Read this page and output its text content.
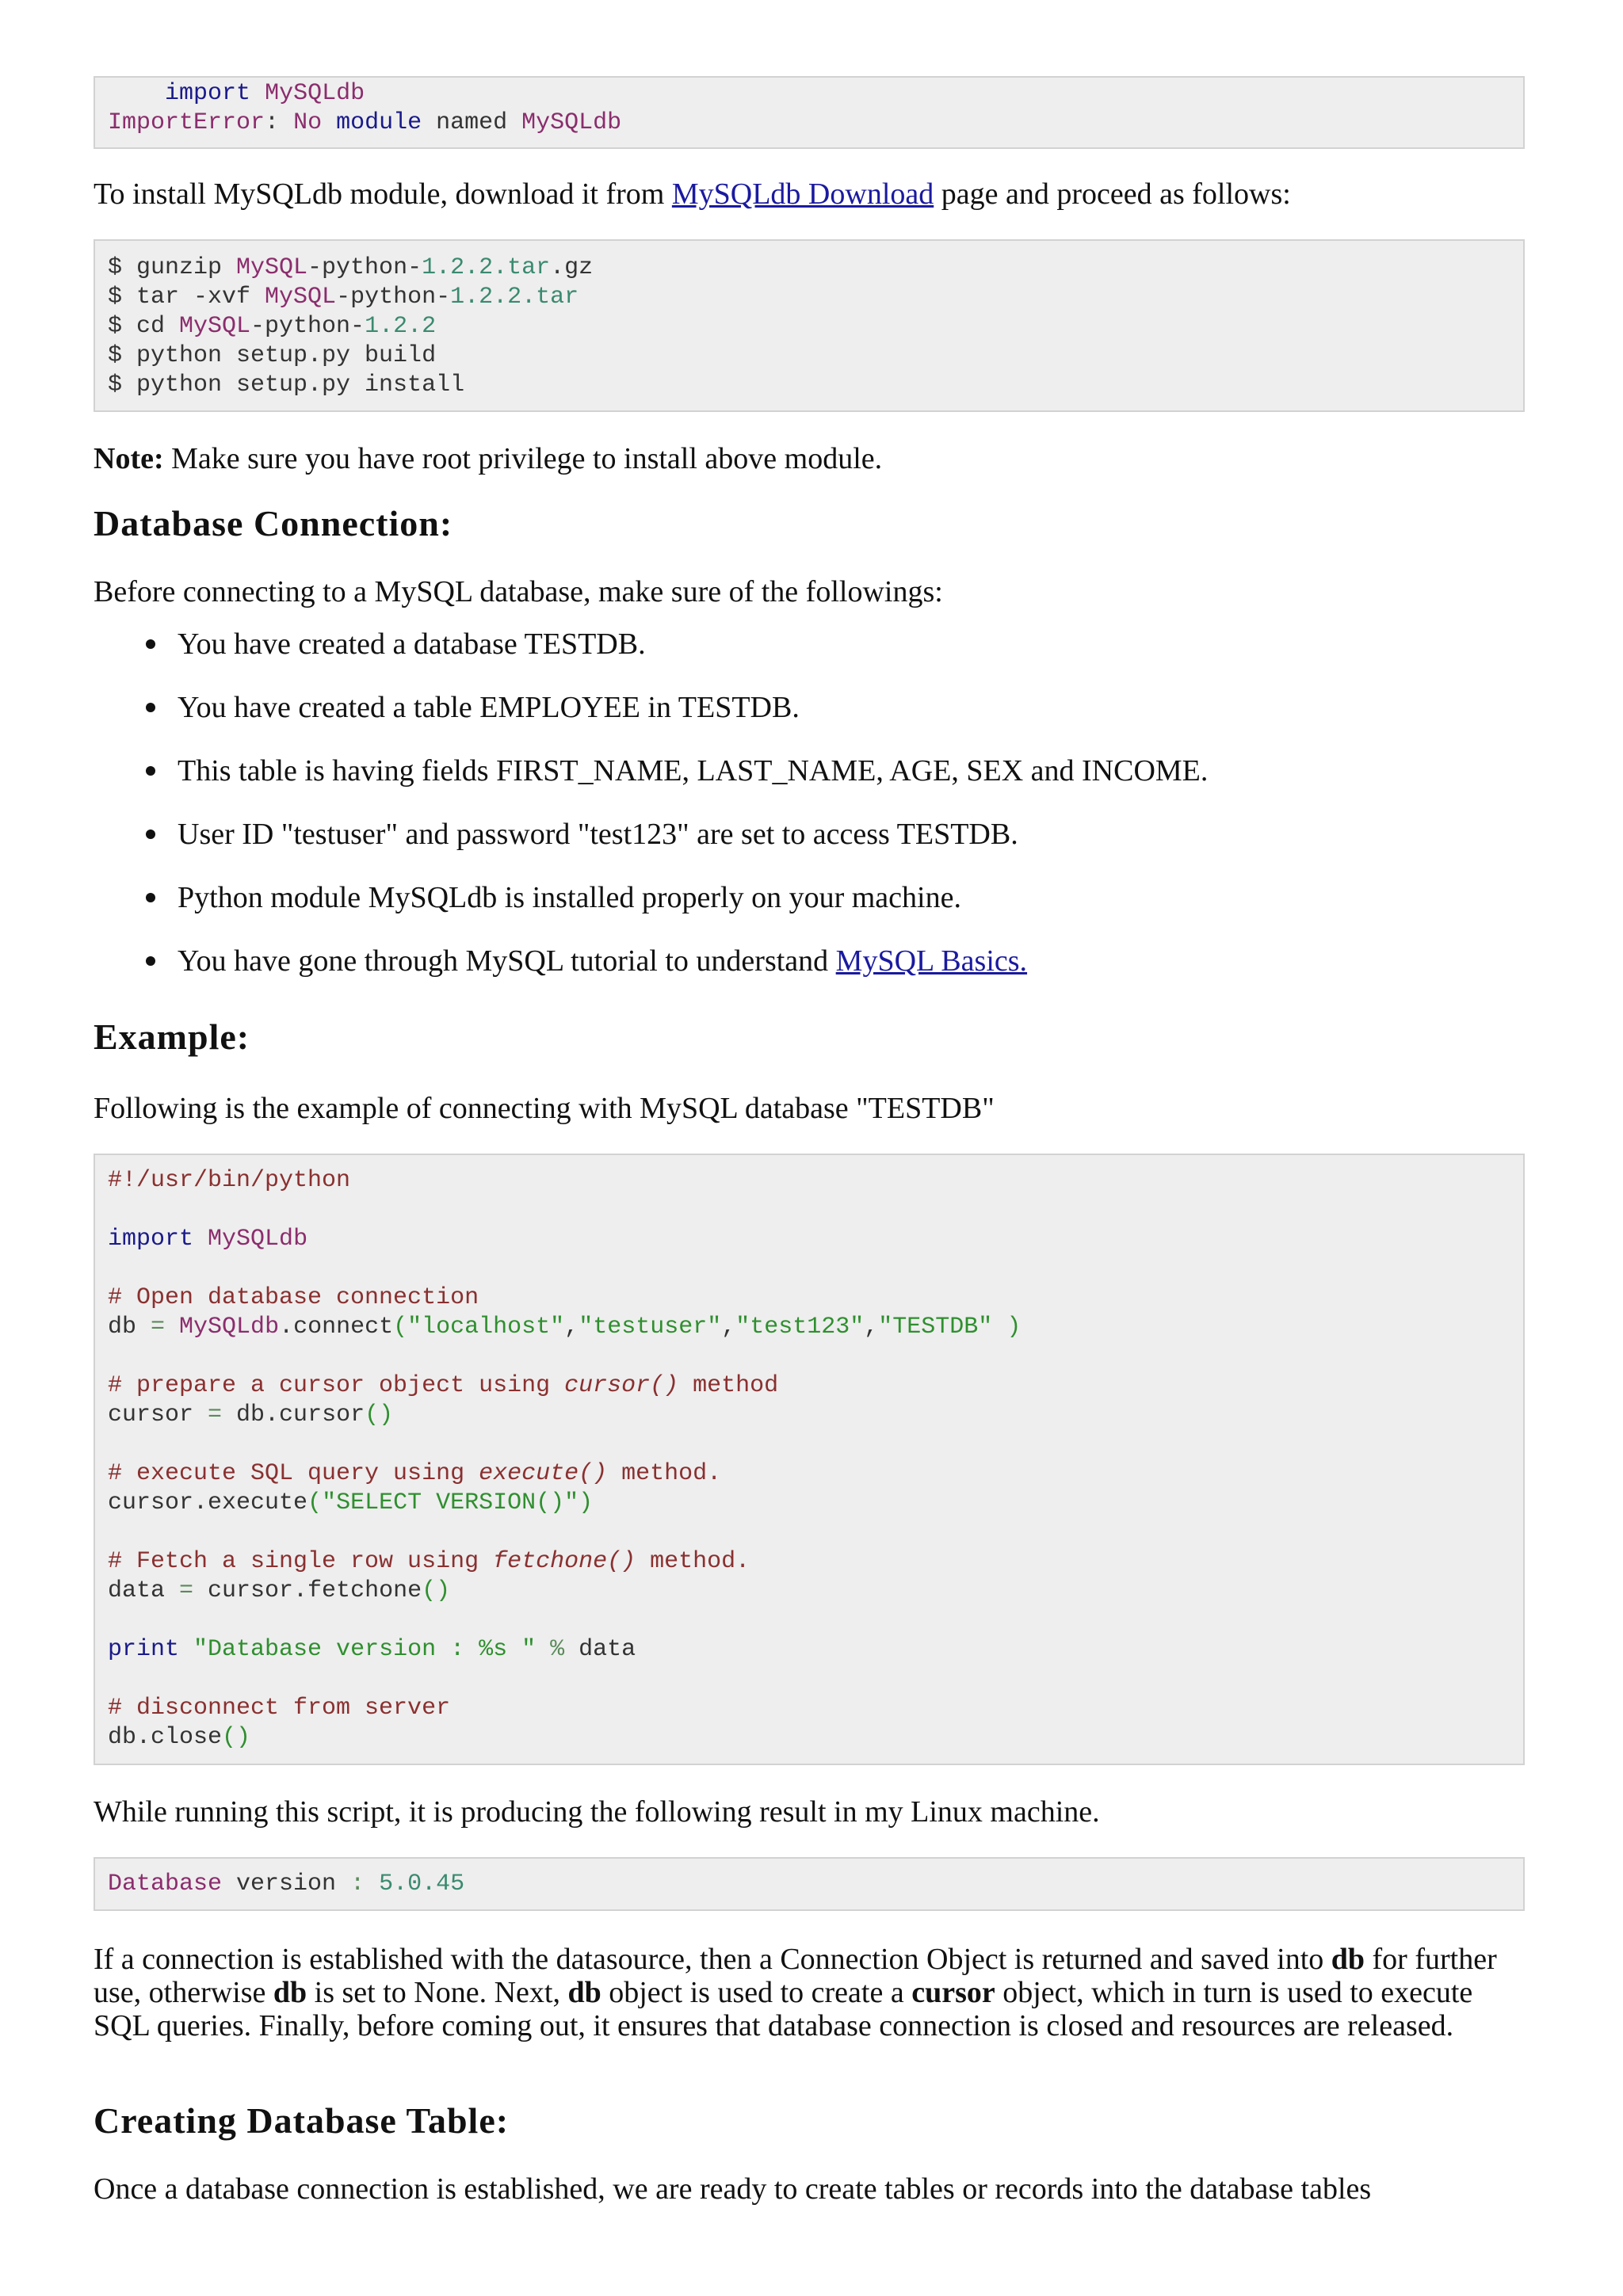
import MySQLdb
ImportError: No module named MySQLdb
To install MySQLdb module, download it from MySQLdb Download page and proceed as follows:
$ gunzip MySQL-python-1.2.2.tar.gz
$ tar -xvf MySQL-python-1.2.2.tar
$ cd MySQL-python-1.2.2
$ python setup.py build
$ python setup.py install
Note: Make sure you have root privilege to install above module.
Database Connection:
Before connecting to a MySQL database, make sure of the followings:
You have created a database TESTDB.
You have created a table EMPLOYEE in TESTDB.
This table is having fields FIRST_NAME, LAST_NAME, AGE, SEX and INCOME.
User ID "testuser" and password "test123" are set to access TESTDB.
Python module MySQLdb is installed properly on your machine.
You have gone through MySQL tutorial to understand MySQL Basics.
Example:
Following is the example of connecting with MySQL database "TESTDB"
#!/usr/bin/python
import MySQLdb
# Open database connection
db = MySQLdb.connect("localhost","testuser","test123","TESTDB" )
# prepare a cursor object using cursor() method
cursor = db.cursor()
# execute SQL query using execute() method.
cursor.execute("SELECT VERSION()")
# Fetch a single row using fetchone() method.
data = cursor.fetchone()
print "Database version : %s " % data
# disconnect from server
db.close()
While running this script, it is producing the following result in my Linux machine.
Database version : 5.0.45
If a connection is established with the datasource, then a Connection Object is returned and saved into db for further use, otherwise db is set to None. Next, db object is used to create a cursor object, which in turn is used to execute SQL queries. Finally, before coming out, it ensures that database connection is closed and resources are released.
Creating Database Table:
Once a database connection is established, we are ready to create tables or records into the database tables
